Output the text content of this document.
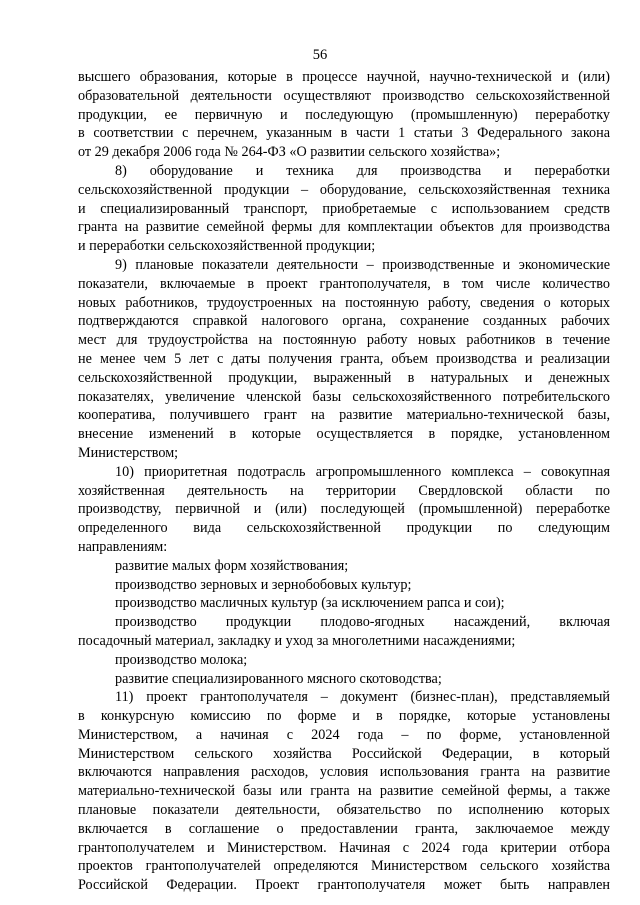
56
высшего образования, которые в процессе научной, научно-технической и (или)
образовательной деятельности осуществляют производство сельскохозяйственной
продукции, ее первичную и последующую (промышленную) переработку
в соответствии с перечнем, указанным в части 1 статьи 3 Федерального закона
от 29 декабря 2006 года № 264-ФЗ «О развитии сельского хозяйства»;
8) оборудование и техника для производства и переработки
сельскохозяйственной продукции – оборудование, сельскохозяйственная техника
и специализированный транспорт, приобретаемые с использованием средств
гранта на развитие семейной фермы для комплектации объектов для производства
и переработки сельскохозяйственной продукции;
9) плановые показатели деятельности – производственные и экономические
показатели, включаемые в проект грантополучателя, в том числе количество
новых работников, трудоустроенных на постоянную работу, сведения о которых
подтверждаются справкой налогового органа, сохранение созданных рабочих
мест для трудоустройства на постоянную работу новых работников в течение
не менее чем 5 лет с даты получения гранта, объем производства и реализации
сельскохозяйственной продукции, выраженный в натуральных и денежных
показателях, увеличение членской базы сельскохозяйственного потребительского
кооператива, получившего грант на развитие материально-технической базы,
внесение изменений в которые осуществляется в порядке, установленном
Министерством;
10) приоритетная подотрасль агропромышленного комплекса – совокупная
хозяйственная деятельность на территории Свердловской области по
производству, первичной и (или) последующей (промышленной) переработке
определенного вида сельскохозяйственной продукции по следующим
направлениям:
развитие малых форм хозяйствования;
производство зерновых и зернобобовых культур;
производство масличных культур (за исключением рапса и сои);
производство продукции плодово-ягодных насаждений, включая
посадочный материал, закладку и уход за многолетними насаждениями;
производство молока;
развитие специализированного мясного скотоводства;
11) проект грантополучателя – документ (бизнес-план), представляемый
в конкурсную комиссию по форме и в порядке, которые установлены
Министерством, а начиная с 2024 года – по форме, установленной
Министерством сельского хозяйства Российской Федерации, в который
включаются направления расходов, условия использования гранта на развитие
материально-технической базы или гранта на развитие семейной фермы, а также
плановые показатели деятельности, обязательство по исполнению которых
включается в соглашение о предоставлении гранта, заключаемое между
грантополучателем и Министерством. Начиная с 2024 года критерии отбора
проектов грантополучателей определяются Министерством сельского хозяйства
Российской Федерации. Проект грантополучателя может быть направлен
